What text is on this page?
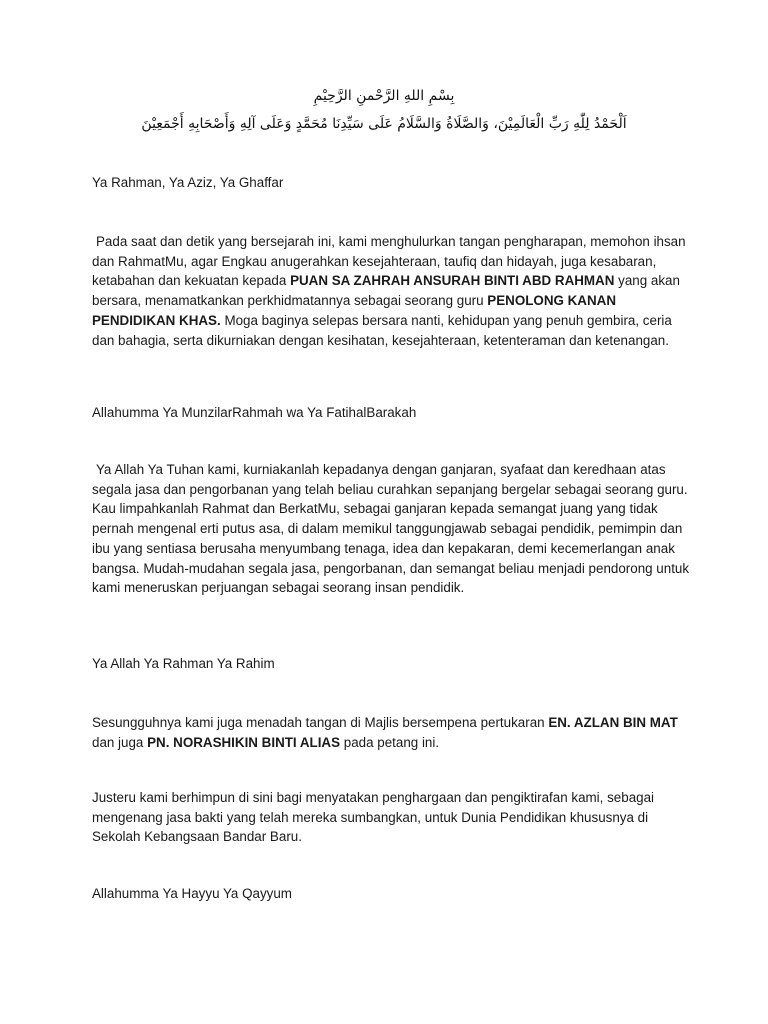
بِسْمِ اللهِ الرَّحْمنِ الرَّحِيْمِ
اَلْحَمْدُ لِلّٰهِ رَبِّ الْعَالَمِيْنَ، وَالصَّلَاةُ وَالسَّلَامُ عَلَى سَيِّدِنَا مُحَمَّدٍ وَعَلَى آلِهِ وَأَصْحَابِهِ أَجْمَعِيْنَ
Ya Rahman, Ya Aziz, Ya Ghaffar

Pada saat dan detik yang bersejarah ini, kami menghulurkan tangan pengharapan, memohon ihsan dan RahmatMu, agar Engkau anugerahkan kesejahteraan, taufiq dan hidayah, juga kesabaran, ketabahan dan kekuatan kepada PUAN SA ZAHRAH ANSURAH BINTI ABD RAHMAN yang akan bersara, menamatkankan perkhidmatannya sebagai seorang guru PENOLONG KANAN PENDIDIKAN KHAS. Moga baginya selepas bersara nanti, kehidupan yang penuh gembira, ceria dan bahagia, serta dikurniakan dengan kesihatan, kesejahteraan, ketenteraman dan ketenangan.

Allahumma Ya MunzilarRahmah wa Ya FatihalBarakah

Ya Allah Ya Tuhan kami, kurniakanlah kepadanya dengan ganjaran, syafaat dan keredhaan atas segala jasa dan pengorbanan yang telah beliau curahkan sepanjang bergelar sebagai seorang guru. Kau limpahkanlah Rahmat dan BerkatMu, sebagai ganjaran kepada semangat juang yang tidak pernah mengenal erti putus asa, di dalam memikul tanggungjawab sebagai pendidik, pemimpin dan ibu yang sentiasa berusaha menyumbang tenaga, idea dan kepakaran, demi kecemerlangan anak bangsa. Mudah-mudahan segala jasa, pengorbanan, dan semangat beliau menjadi pendorong untuk kami meneruskan perjuangan sebagai seorang insan pendidik.

Ya Allah Ya Rahman Ya Rahim

Sesungguhnya kami juga menadah tangan di Majlis bersempena pertukaran EN. AZLAN BIN MAT dan juga PN. NORASHIKIN BINTI ALIAS pada petang ini.

Justeru kami berhimpun di sini bagi menyatakan penghargaan dan pengiktirafan kami, sebagai mengenang jasa bakti yang telah mereka sumbangkan, untuk Dunia Pendidikan khususnya di Sekolah Kebangsaan Bandar Baru.

Allahumma Ya Hayyu Ya Qayyum
